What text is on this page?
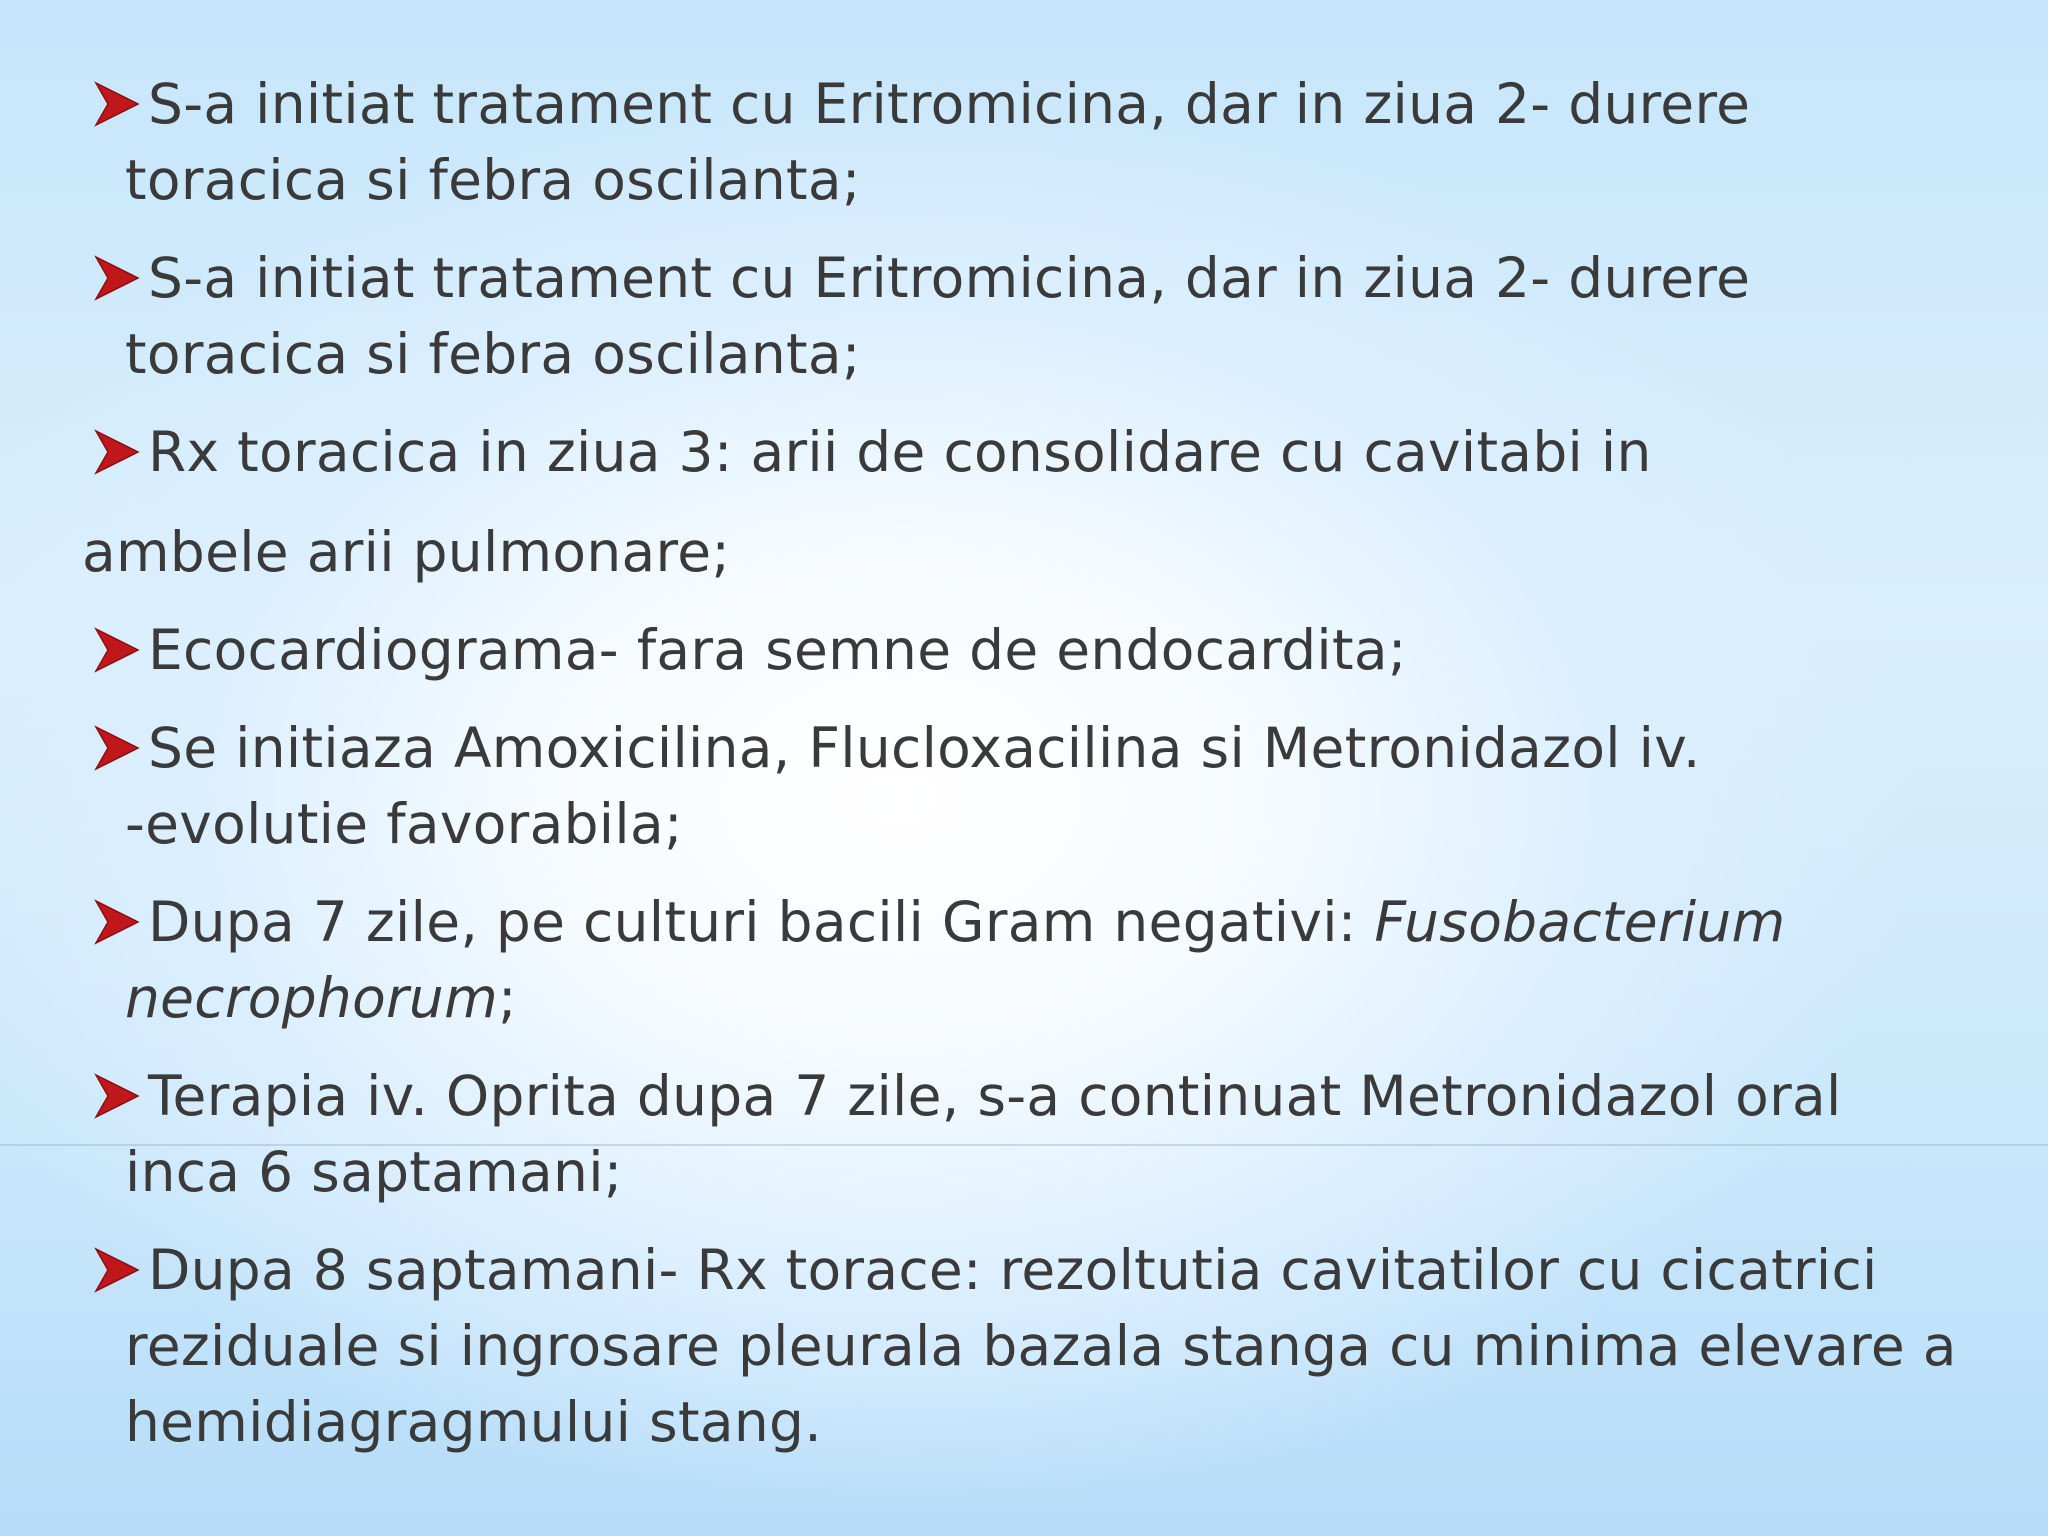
S-a initiat tratament cu Eritromicina, dar in ziua 2- durere
toracica si febra oscilanta;
S-a initiat tratament cu Eritromicina, dar in ziua 2- durere
toracica si febra oscilanta;
Rx toracica in ziua 3: arii de consolidare cu cavitabi in
ambele arii pulmonare;
Ecocardiograma- fara semne de endocardita;
Se initiaza Amoxicilina, Flucloxacilina si Metronidazol iv.
-evolutie favorabila;
Dupa 7 zile, pe culturi bacili Gram negativi: Fusobacterium
necrophorum;
Terapia iv. Oprita dupa 7 zile, s-a continuat Metronidazol oral
inca 6 saptamani;
Dupa 8 saptamani- Rx torace: rezoltutia cavitatilor cu cicatrici
reziduale si ingrosare pleurala bazala stanga cu minima elevare a
hemidiagragmului stang.
